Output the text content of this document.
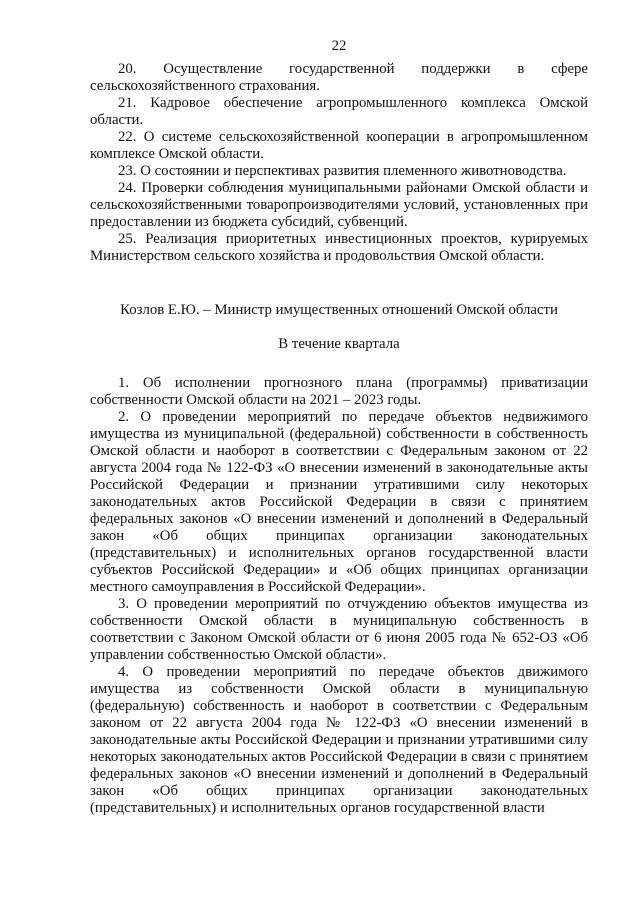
22

20. Осуществление государственной поддержки в сфере сельскохозяйственного страхования.

21. Кадровое обеспечение агропромышленного комплекса Омской области.

22. О системе сельскохозяйственной кооперации в агропромышленном комплексе Омской области.

23. О состоянии и перспективах развития племенного животноводства.

24. Проверки соблюдения муниципальными районами Омской области и сельскохозяйственными товаропроизводителями условий, установленных при предоставлении из бюджета субсидий, субвенций.

25. Реализация приоритетных инвестиционных проектов, курируемых Министерством сельского хозяйства и продовольствия Омской области.

Козлов Е.Ю. – Министр имущественных отношений Омской области

В течение квартала

1. Об исполнении прогнозного плана (программы) приватизации собственности Омской области на 2021 – 2023 годы.

2. О проведении мероприятий по передаче объектов недвижимого имущества из муниципальной (федеральной) собственности в собственность Омской области и наоборот в соответствии с Федеральным законом от 22 августа 2004 года № 122-ФЗ «О внесении изменений в законодательные акты Российской Федерации и признании утратившими силу некоторых законодательных актов Российской Федерации в связи с принятием федеральных законов «О внесении изменений и дополнений в Федеральный закон «Об общих принципах организации законодательных (представительных) и исполнительных органов государственной власти субъектов Российской Федерации» и «Об общих принципах организации местного самоуправления в Российской Федерации».

3. О проведении мероприятий по отчуждению объектов имущества из собственности Омской области в муниципальную собственность в соответствии с Законом Омской области от 6 июня 2005 года № 652-ОЗ «Об управлении собственностью Омской области».

4. О проведении мероприятий по передаче объектов движимого имущества из собственности Омской области в муниципальную (федеральную) собственность и наоборот в соответствии с Федеральным законом от 22 августа 2004 года № 122-ФЗ «О внесении изменений в законодательные акты Российской Федерации и признании утратившими силу некоторых законодательных актов Российской Федерации в связи с принятием федеральных законов «О внесении изменений и дополнений в Федеральный закон «Об общих принципах организации законодательных (представительных) и исполнительных органов государственной власти
